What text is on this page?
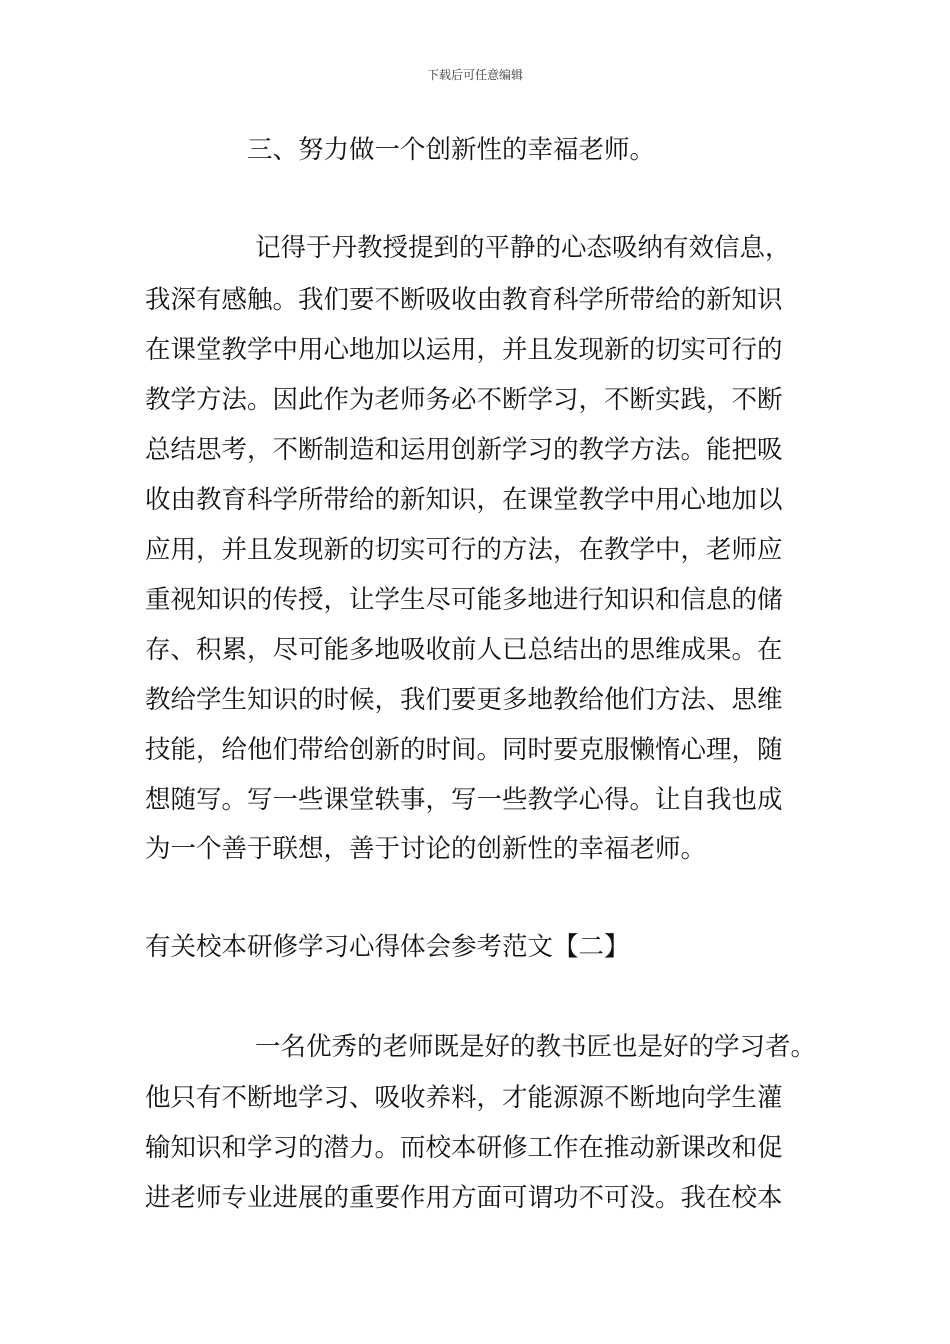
下载后可任意编辑
三、努力做一个创新性的幸福老师。
记得于丹教授提到的平静的心态吸纳有效信息，
我深有感触。我们要不断吸收由教育科学所带给的新知识
在课堂教学中用心地加以运用，并且发现新的切实可行的
教学方法。因此作为老师务必不断学习，不断实践，不断
总结思考，不断制造和运用创新学习的教学方法。能把吸
收由教育科学所带给的新知识，在课堂教学中用心地加以
应用，并且发现新的切实可行的方法，在教学中，老师应
重视知识的传授，让学生尽可能多地进行知识和信息的储
存、积累，尽可能多地吸收前人已总结出的思维成果。在
教给学生知识的时候，我们要更多地教给他们方法、思维
技能，给他们带给创新的时间。同时要克服懒惰心理，随
想随写。写一些课堂轶事，写一些教学心得。让自我也成
为一个善于联想，善于讨论的创新性的幸福老师。
有关校本研修学习心得体会参考范文【二】
一名优秀的老师既是好的教书匠也是好的学习者。
他只有不断地学习、吸收养料，才能源源不断地向学生灌
输知识和学习的潜力。而校本研修工作在推动新课改和促
进老师专业进展的重要作用方面可谓功不可没。我在校本
